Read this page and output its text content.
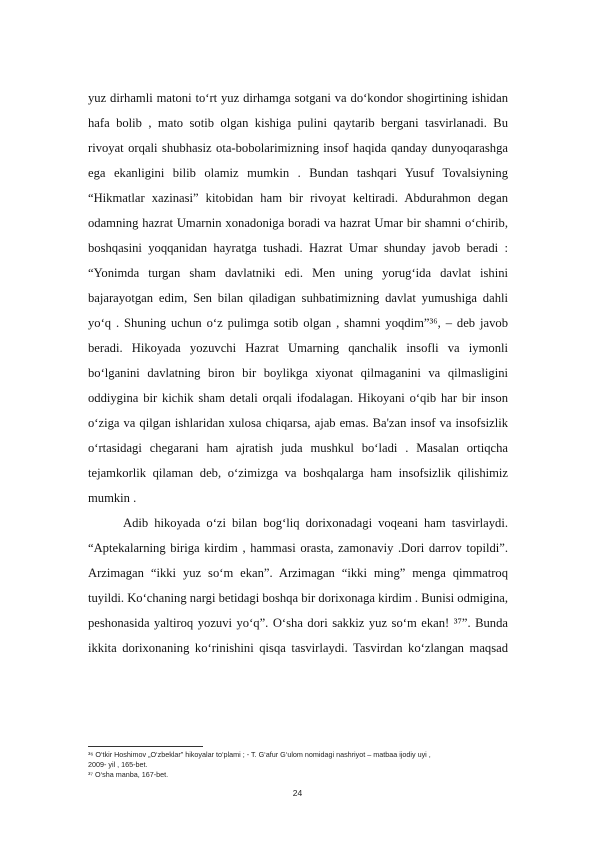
yuz dirhamli matoni to‘rt yuz dirhamga sotgani va do‘kondor shogirtining ishidan
hafa bolib , mato sotib olgan kishiga pulini qaytarib bergani tasvirlanadi. Bu
rivoyat orqali shubhasiz ota-bobolarimizning insof haqida qanday dunyoqarashga
ega ekanligini bilib olamiz mumkin . Bundan tashqari Yusuf Tovalsiyning
“Hikmatlar xazinasi” kitobidan ham bir rivoyat keltiradi. Abdurahmon degan
odamning hazrat Umarnin xonadoniga boradi va hazrat Umar bir shamni o‘chirib,
boshqasini yoqqanidan hayratga tushadi. Hazrat Umar shunday javob beradi :
“Yonimda turgan sham davlatniki edi. Men uning yorug‘ida davlat ishini
bajarayotgan edim, Sen bilan qiladigan suhbatimizning davlat yumushiga dahli
yo‘q . Shuning uchun o‘z pulimga sotib olgan , shamni yoqdim”³⁶, – deb javob
beradi. Hikoyada yozuvchi Hazrat Umarning qanchalik insofli va iymonli
bo‘lganini davlatning biron bir boylikga xiyonat qilmaganini va qilmasligini
oddiygina bir kichik sham detali orqali ifodalagan. Hikoyani o‘qib har bir inson
o‘ziga va qilgan ishlaridan xulosa chiqarsa, ajab emas. Ba'zan insof va insofsizlik
o‘rtasidagi chegarani ham ajratish juda mushkul bo‘ladi . Masalan ortiqcha
tejamkorlik qilaman deb, o‘zimizga va boshqalarga ham insofsizlik qilishimiz
mumkin .
Adib hikoyada o‘zi bilan bog‘liq dorixonadagi voqeani ham tasvirlaydi.
“Aptekalarning biriga kirdim , hammasi orasta, zamonaviy .Dori darrov topildi”.
Arzimagan “ikki yuz so‘m ekan”. Arzimagan “ikki ming” menga qimmatroq
tuyildi. Ko‘chaning nargi betidagi boshqa bir dorixonaga kirdim . Bunisi odmigina,
peshonasida yaltiroq yozuvi yo‘q”. O‘sha dori sakkiz yuz so‘m ekan! ³⁷”. Bunda
ikkita dorixonaning ko‘rinishini qisqa tasvirlaydi. Tasvirdan ko‘zlangan maqsad
³⁶ O‘tkir Hoshimov „O‘zbeklar” hikoyalar to‘plami ; - T. G‘afur G‘ulom nomidagi nashriyot – matbaa ijodiy uyi ,
2009- yil , 165-bet.
³⁷ O‘sha manba, 167-bet.
24
